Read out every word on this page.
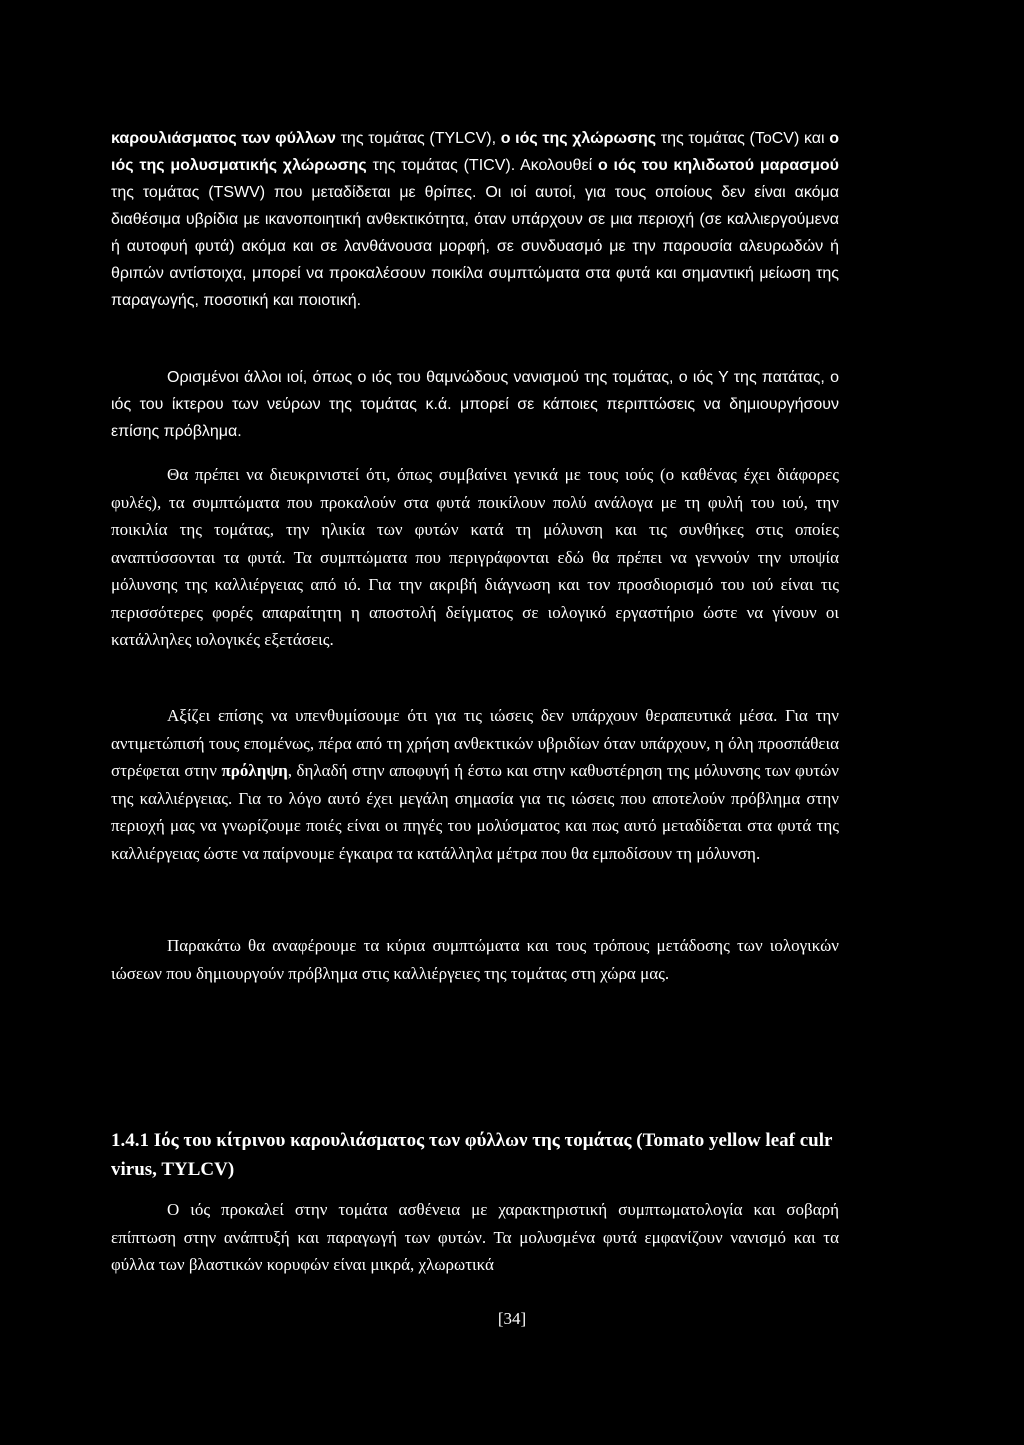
καρουλιάσματος των φύλλων της τομάτας (TYLCV), ο ιός της χλώρωσης της τομάτας (ToCV) και ο ιός της μολυσματικής χλώρωσης της τομάτας (TICV). Ακολουθεί ο ιός του κηλιδωτού μαρασμού της τομάτας (TSWV) που μεταδίδεται με θρίπες. Οι ιοί αυτοί, για τους οποίους δεν είναι ακόμα διαθέσιμα υβρίδια με ικανοποιητική ανθεκτικότητα, όταν υπάρχουν σε μια περιοχή (σε καλλιεργούμενα ή αυτοφυή φυτά) ακόμα και σε λανθάνουσα μορφή, σε συνδυασμό με την παρουσία αλευρωδών ή θριπών αντίστοιχα, μπορεί να προκαλέσουν ποικίλα συμπτώματα στα φυτά και σημαντική μείωση της παραγωγής, ποσοτική και ποιοτική.

Ορισμένοι άλλοι ιοί, όπως ο ιός του θαμνώδους νανισμού της τομάτας, ο ιός Υ της πατάτας, ο ιός του ίκτερου των νεύρων της τομάτας κ.ά. μπορεί σε κάποιες περιπτώσεις να δημιουργήσουν επίσης πρόβλημα.

Θα πρέπει να διευκρινιστεί ότι, όπως συμβαίνει γενικά με τους ιούς (ο καθένας έχει διάφορες φυλές), τα συμπτώματα που προκαλούν στα φυτά ποικίλουν πολύ ανάλογα με τη φυλή του ιού, την ποικιλία της τομάτας, την ηλικία των φυτών κατά τη μόλυνση και τις συνθήκες στις οποίες αναπτύσσονται τα φυτά. Τα συμπτώματα που περιγράφονται εδώ θα πρέπει να γεννούν την υποψία μόλυνσης της καλλιέργειας από ιό. Για την ακριβή διάγνωση και τον προσδιορισμό του ιού είναι τις περισσότερες φορές απαραίτητη η αποστολή δείγματος σε ιολογικό εργαστήριο ώστε να γίνουν οι κατάλληλες ιολογικές εξετάσεις.

Αξίζει επίσης να υπενθυμίσουμε ότι για τις ιώσεις δεν υπάρχουν θεραπευτικά μέσα. Για την αντιμετώπισή τους επομένως, πέρα από τη χρήση ανθεκτικών υβριδίων όταν υπάρχουν, η όλη προσπάθεια στρέφεται στην πρόληψη, δηλαδή στην αποφυγή ή έστω και στην καθυστέρηση της μόλυνσης των φυτών της καλλιέργειας. Για το λόγο αυτό έχει μεγάλη σημασία για τις ιώσεις που αποτελούν πρόβλημα στην περιοχή μας να γνωρίζουμε ποιές είναι οι πηγές του μολύσματος και πως αυτό μεταδίδεται στα φυτά της καλλιέργειας ώστε να παίρνουμε έγκαιρα τα κατάλληλα μέτρα που θα εμποδίσουν τη μόλυνση.

Παρακάτω θα αναφέρουμε τα κύρια συμπτώματα και τους τρόπους μετάδοσης των ιολογικών ιώσεων που δημιουργούν πρόβλημα στις καλλιέργειες της τομάτας στη χώρα μας.

1.4.1 Ιός του κίτρινου καρουλιάσματος των φύλλων της τομάτας (Tomato yellow leaf culr virus, TYLCV)

Ο ιός προκαλεί στην τομάτα ασθένεια με χαρακτηριστική συμπτωματολογία και σοβαρή επίπτωση στην ανάπτυξή και παραγωγή των φυτών. Τα μολυσμένα φυτά εμφανίζουν νανισμό και τα φύλλα των βλαστικών κορυφών είναι μικρά, χλωρωτικά

[34]
